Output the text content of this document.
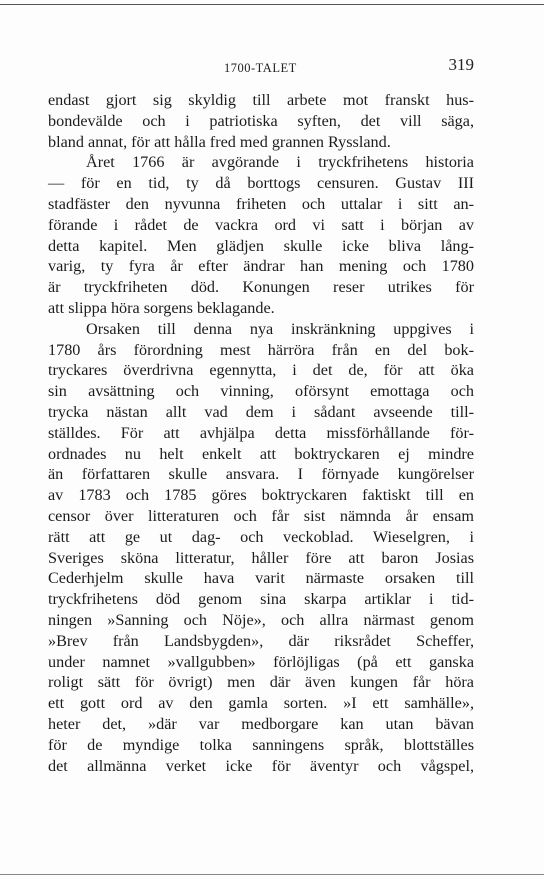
1700-TALET	319
endast gjort sig skyldig till arbete mot franskt hus-
bondevälde och i patriotiska syften, det vill säga,
bland annat, för att hålla fred med grannen Ryssland.
Året 1766 är avgörande i tryckfrihetens historia
— för en tid, ty då borttogs censuren. Gustav III
stadfäster den nyvunna friheten och uttalar i sitt an-
förande i rådet de vackra ord vi satt i början av
detta kapitel. Men glädjen skulle icke bliva lång-
varig, ty fyra år efter ändrar han mening och 1780
är tryckfriheten död. Konungen reser utrikes för
att slippa höra sorgens beklagande.
Orsaken till denna nya inskränkning uppgives i
1780 års förordning mest härröra från en del bok-
tryckares överdrivna egennytta, i det de, för att öka
sin avsättning och vinning, oförsynt emottaga och
trycka nästan allt vad dem i sådant avseende till-
ställdes. För att avhjälpa detta missförhållande för-
ordnades nu helt enkelt att boktryckaren ej mindre
än författaren skulle ansvara. I förnyade kungörelser
av 1783 och 1785 göres boktryckaren faktiskt till en
censor över litteraturen och får sist nämnda år ensam
rätt att ge ut dag- och veckoblad. Wieselgren, i
Sveriges sköna litteratur, håller före att baron Josias
Cederhjelm skulle hava varit närmaste orsaken till
tryckfrihetens död genom sina skarpa artiklar i tid-
ningen »Sanning och Nöje», och allra närmast genom
»Brev från Landsbygden», där riksrådet Scheffer,
under namnet »vallgubben» förlöjligas (på ett ganska
roligt sätt för övrigt) men där även kungen får höra
ett gott ord av den gamla sorten. »I ett samhälle»,
heter det, »där var medborgare kan utan bävan
för de myndige tolka sanningens språk, blottställes
det allmänna verket icke för äventyr och vågspel,
